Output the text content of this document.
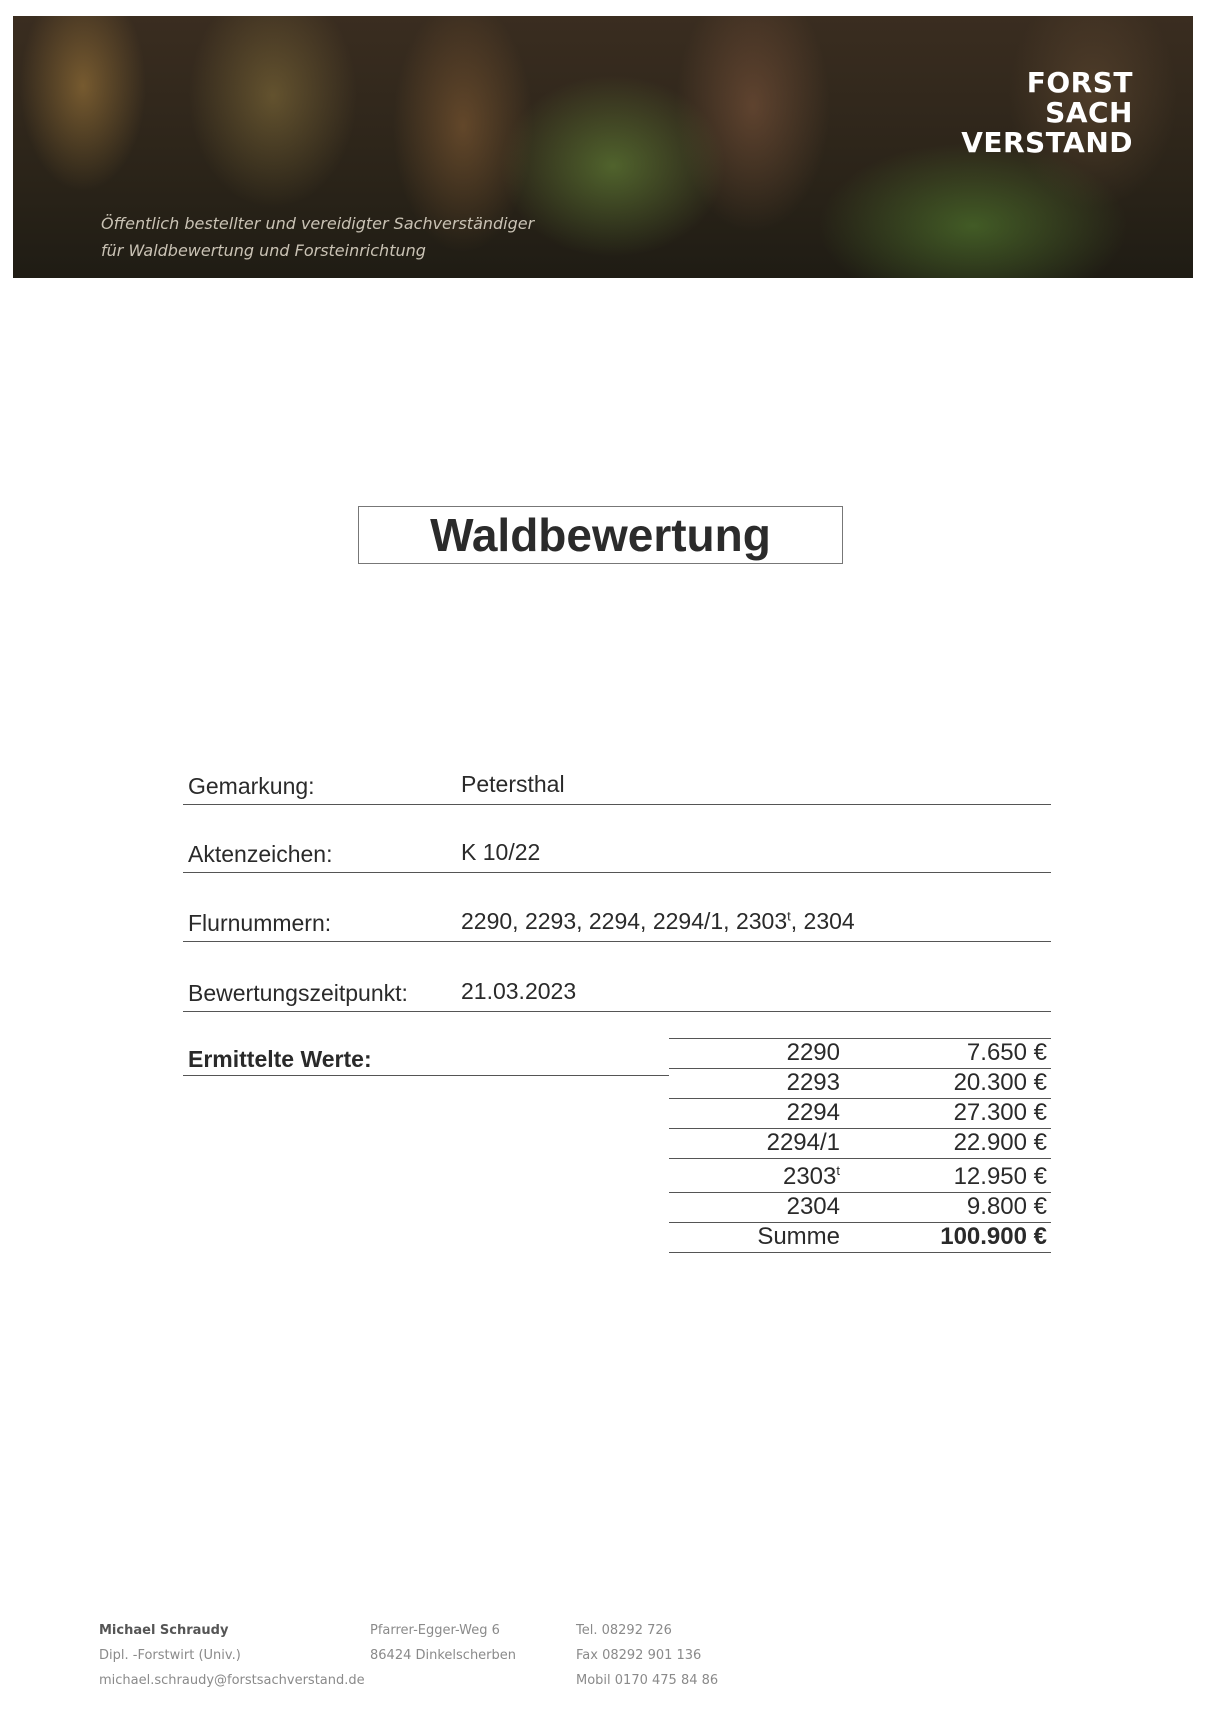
FORST
SACH
VERSTAND
Öffentlich bestellter und vereidigter Sachverständiger
für Waldbewertung und Forsteinrichtung
Waldbewertung
Gemarkung:	Petersthal
Aktenzeichen:	K 10/22
Flurnummern:	2290, 2293, 2294, 2294/1, 2303$^t$, 2304
Bewertungszeitpunkt: 21.03.2023
Ermittelte Werte:	2290	7.650 €
2293	20.300 €
2294	27.300 €
2294/1	22.900 €
2303$^t$	12.950 €
2304	9.800 €
Summe	100.900 €
Michael Schraudy
Dipl. -Forstwirt (Univ.)
michael.schraudy@forstsachverstand.de
Pfarrer-Egger-Weg 6
86424 Dinkelscherben
Tel. 08292 726
Fax 08292 901 136
Mobil 0170 475 84 86
